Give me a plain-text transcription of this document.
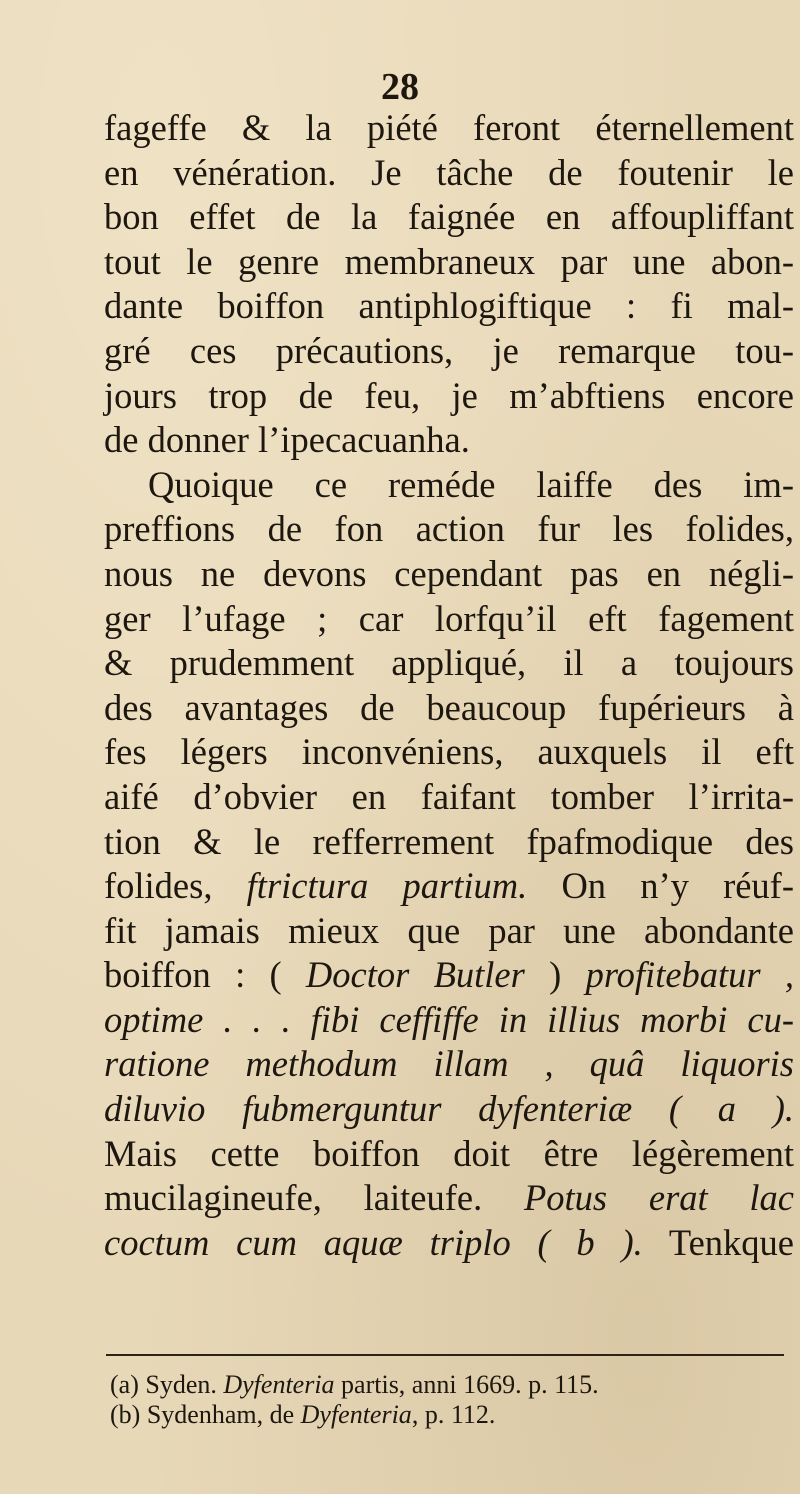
28
fageffe & la piété feront éternellement
en vénération. Je tâche de foutenir le
bon effet de la faignée en affoupliffant
tout le genre membraneux par une abon-
dante boiffon antiphlogiftique : fi mal-
gré ces précautions, je remarque tou-
jours trop de feu, je m’abftiens encore
de donner l’ipecacuanha.
Quoique ce reméde laiffe des im-
preffions de fon action fur les folides,
nous ne devons cependant pas en négli-
ger l’ufage ; car lorfqu’il eft fagement
& prudemment appliqué, il a toujours
des avantages de beaucoup fupérieurs à
fes légers inconvéniens, auxquels il eft
aifé d’obvier en faifant tomber l’irrita-
tion & le refferrement fpafmodique des
folides, ftrictura partium. On n’y réuf-
fit jamais mieux que par une abondante
boiffon : ( Doctor Butler ) profitebatur ,
optime . . . fibi ceffiffe in illius morbi cu-
ratione methodum illam , quâ liquoris
diluvio fubmerguntur dyfenteriæ ( a ).
Mais cette boiffon doit être légèrement
mucilagineufe, laiteufe. Potus erat lac
coctum cum aquæ triplo ( b ). Tenkque
(a) Syden. Dyfenteria partis, anni 1669. p. 115.
(b) Sydenham, de Dyfenteria, p. 112.
